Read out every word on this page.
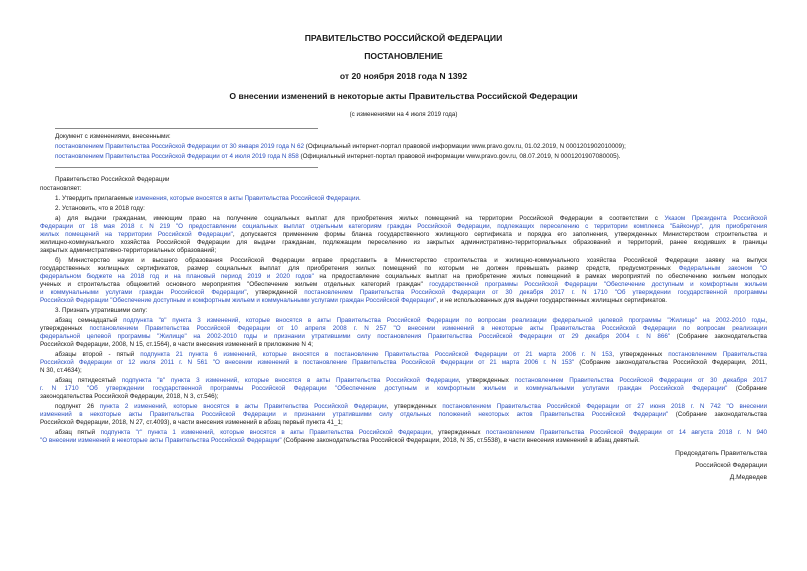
ПРАВИТЕЛЬСТВО РОССИЙСКОЙ ФЕДЕРАЦИИ
ПОСТАНОВЛЕНИЕ
от 20 ноября 2018 года N 1392
О внесении изменений в некоторые акты Правительства Российской Федерации
(с изменениями на 4 июля 2019 года)
Документ с изменениями, внесенными:
постановлением Правительства Российской Федерации от 30 января 2019 года N 62 (Официальный интернет-портал правовой информации www.pravo.gov.ru, 01.02.2019, N 0001201902010009);
постановлением Правительства Российской Федерации от 4 июля 2019 года N 858 (Официальный интернет-портал правовой информации www.pravo.gov.ru, 08.07.2019, N 0001201907080005).
Правительство Российской Федерации
постановляет:
1. Утвердить прилагаемые изменения, которые вносятся в акты Правительства Российской Федерации.
2. Установить, что в 2018 году:
а) для выдачи гражданам, имеющим право на получение социальных выплат для приобретения жилых помещений на территории Российской Федерации в соответствии с Указом Президента Российской
Федерации от 18 мая 2018 г. N 219 "О предоставлении социальных выплат отдельным категориям граждан Российской Федерации, подлежащих переселению с территории комплекса "Байконур", для приобретения
жилых помещений на территории Российской Федерации", допускается применение формы бланка государственного жилищного сертификата и порядка его заполнения, утвержденных Министерством строительства и
жилищно-коммунального хозяйства Российской Федерации для выдачи гражданам, подлежащим переселению из закрытых административно-территориальных образований и территорий, ранее входивших в границы
закрытых административно-территориальных образований;
б) Министерство науки и высшего образования Российской Федерации вправе представить в Министерство строительства и жилищно-коммунального хозяйства Российской Федерации заявку на выпуск
государственных жилищных сертификатов, размер социальных выплат для приобретения жилых помещений по которым не должен превышать размер средств, предусмотренных Федеральным законом "О
федеральном бюджете на 2018 год и на плановый период 2019 и 2020 годов" на предоставление социальных выплат на приобретение жилых помещений в рамках мероприятий по обеспечению жильем молодых
ученых и строительства общежитий основного мероприятия "Обеспечение жильем отдельных категорий граждан" государственной программы Российской Федерации "Обеспечение доступным и комфортным жильем
и коммунальными услугами граждан Российской Федерации", утвержденной постановлением Правительства Российской Федерации от 30 декабря 2017 г. N 1710 "Об утверждении государственной программы
Российской Федерации "Обеспечение доступным и комфортным жильем и коммунальными услугами граждан Российской Федерации", и не использованных для выдачи государственных жилищных сертификатов.
3. Признать утратившими силу:
абзац семнадцатый подпункта "в" пункта 3 изменений, которые вносятся в акты Правительства Российской Федерации по вопросам реализации федеральной целевой программы "Жилище" на 2002-2010 годы,
утвержденных постановлением Правительства Российской Федерации от 10 апреля 2008 г. N 257 "О внесении изменений в некоторые акты Правительства Российской Федерации по вопросам реализации
федеральной целевой программы "Жилище" на 2002-2010 годы и признании утратившими силу постановления Правительства Российской Федерации от 29 декабря 2004 г. N 866" (Собрание законодательства
Российской Федерации, 2008, N 15, ст.1564), в части внесения изменений в приложение N 4;
абзацы второй - пятый подпункта 21 пункта 6 изменений, которые вносятся в постановление Правительства Российской Федерации от 21 марта 2006 г. N 153, утвержденных постановлением Правительства
Российской Федерации от 12 июля 2011 г. N 561 "О внесении изменений в постановление Правительства Российской Федерации от 21 марта 2006 г. N 153" (Собрание законодательства Российской Федерации, 2011,
N 30, ст.4634);
абзац пятидесятый подпункта "в" пункта 3 изменений, которые вносятся в акты Правительства Российской Федерации, утвержденных постановлением Правительства Российской Федерации от 30 декабря 2017
г. N 1710 "Об утверждении государственной программы Российской Федерации "Обеспечение доступным и комфортным жильем и коммунальными услугами граждан Российской Федерации" (Собрание
законодательства Российской Федерации, 2018, N 3, ст.546);
подпункт 26 пункта 2 изменений, которые вносятся в акты Правительства Российской Федерации, утвержденных постановлением Правительства Российской Федерации от 27 июня 2018 г. N 742 "О внесении
изменений в некоторые акты Правительства Российской Федерации и признании утратившими силу отдельных положений некоторых актов Правительства Российской Федерации" (Собрание законодательства
Российской Федерации, 2018, N 27, ст.4093), в части внесения изменений в абзац первый пункта 41_1;
абзац пятый подпункта "г" пункта 1 изменений, которые вносятся в акты Правительства Российской Федерации, утвержденных постановлением Правительства Российской Федерации от 14 августа 2018 г. N 940
"О внесении изменений в некоторые акты Правительства Российской Федерации" (Собрание законодательства Российской Федерации, 2018, N 35, ст.5538), в части внесения изменений в абзац девятый.
Председатель Правительства
Российской Федерации
Д.Медведев
